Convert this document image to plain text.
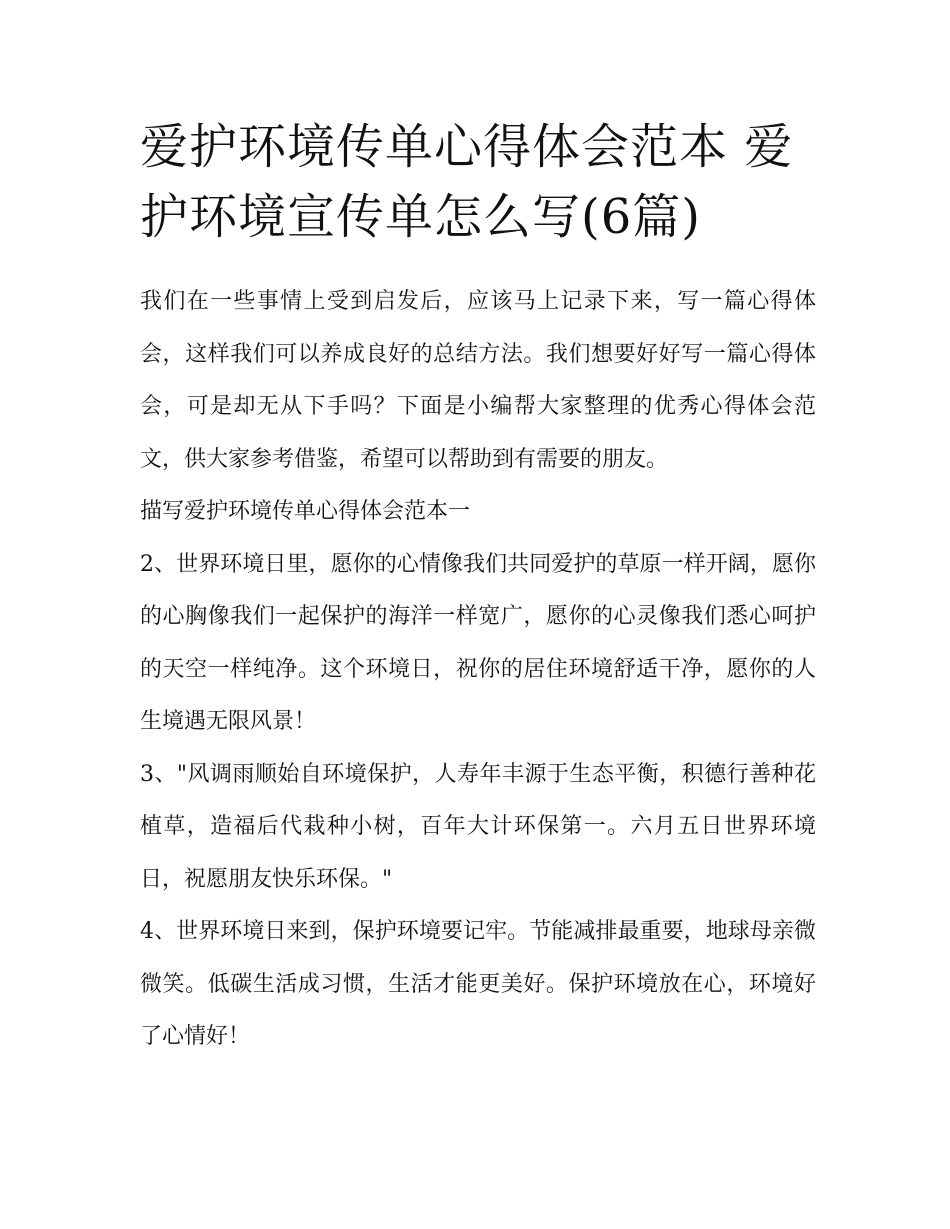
爱护环境传单心得体会范本 爱护环境宣传单怎么写(6篇)

我们在一些事情上受到启发后，应该马上记录下来，写一篇心得体会，这样我们可以养成良好的总结方法。我们想要好好写一篇心得体会，可是却无从下手吗？下面是小编帮大家整理的优秀心得体会范文，供大家参考借鉴，希望可以帮助到有需要的朋友。

描写爱护环境传单心得体会范本一

2、世界环境日里，愿你的心情像我们共同爱护的草原一样开阔，愿你的心胸像我们一起保护的海洋一样宽广，愿你的心灵像我们悉心呵护的天空一样纯净。这个环境日，祝你的居住环境舒适干净，愿你的人生境遇无限风景！

3、"风调雨顺始自环境保护，人寿年丰源于生态平衡，积德行善种花植草，造福后代栽种小树，百年大计环保第一。六月五日世界环境日，祝愿朋友快乐环保。"

4、世界环境日来到，保护环境要记牢。节能减排最重要，地球母亲微微笑。低碳生活成习惯，生活才能更美好。保护环境放在心，环境好了心情好！
